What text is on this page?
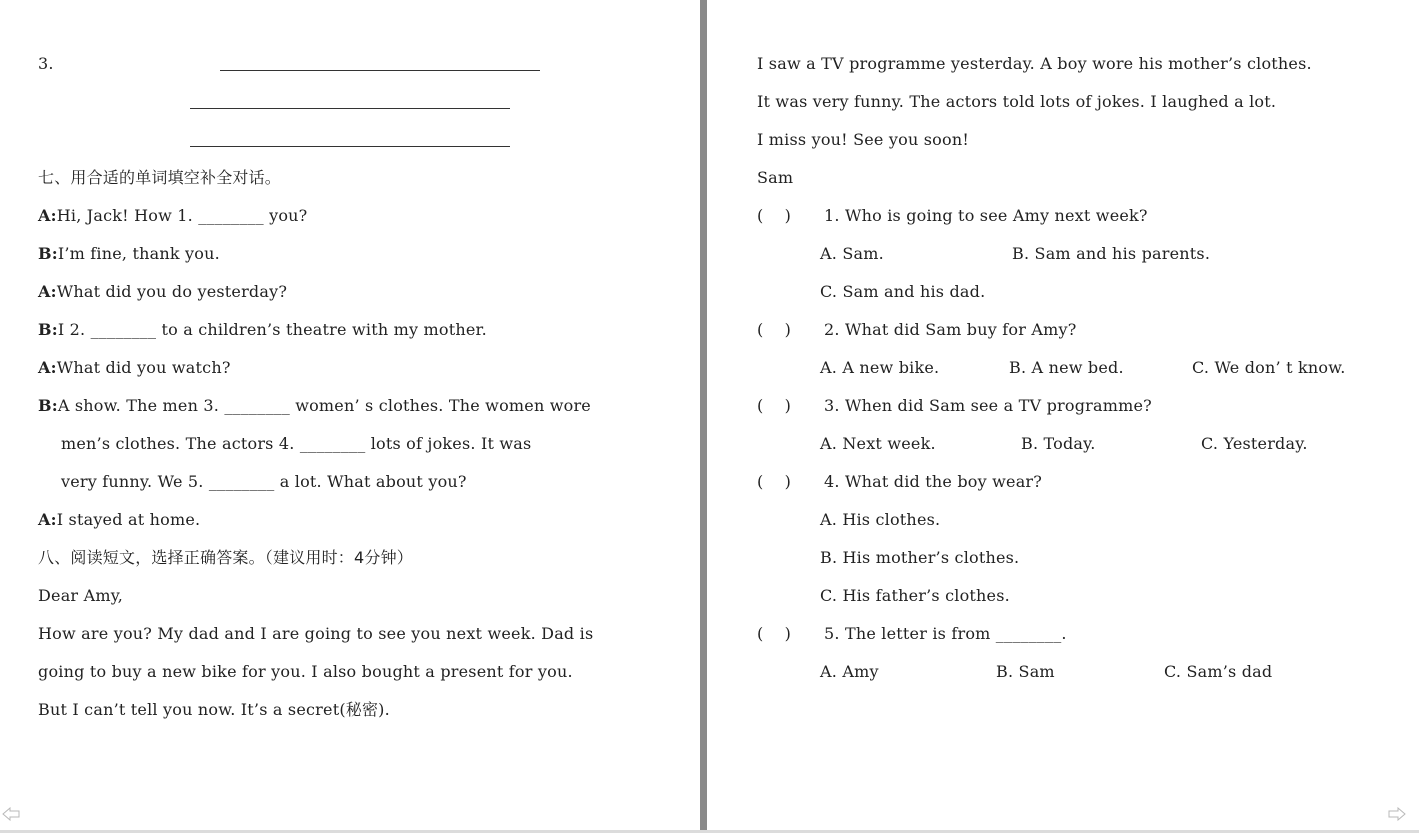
3.
七、用合适的单词填空补全对话。
A:Hi, Jack! How 1. ________ you?
B:I’m fine, thank you.
A:What did you do yesterday?
B:I 2. ________ to a children’s theatre with my mother.
A:What did you watch?
B:A show. The men 3. ________ women’ s clothes. The women wore
men’s clothes. The actors 4. ________ lots of jokes. It was
very funny. We 5. ________ a lot. What about you?
A:I stayed at home.
八、阅读短文，选择正确答案。（建议用时：4分钟）
Dear Amy,
How are you? My dad and I are going to see you next week. Dad is
going to buy a new bike for you. I also bought a present for you.
But I can’t tell you now. It’s a secret(秘密).
I saw a TV programme yesterday. A boy wore his mother’s clothes.
It was very funny. The actors told lots of jokes. I laughed a lot.
I miss you! See you soon!
Sam
(    ) 1. Who is going to see Amy next week?
A. Sam.	B. Sam and his parents.
C. Sam and his dad.
(    ) 2. What did Sam buy for Amy?
A. A new bike.	B. A new bed.	C. We don’ t know.
(    ) 3. When did Sam see a TV programme?
A. Next week.	B. Today.	C. Yesterday.
(    ) 4. What did the boy wear?
A. His clothes.
B. His mother’s clothes.
C. His father’s clothes.
(    ) 5. The letter is from ________.
A. Amy	B. Sam	C. Sam’s dad
